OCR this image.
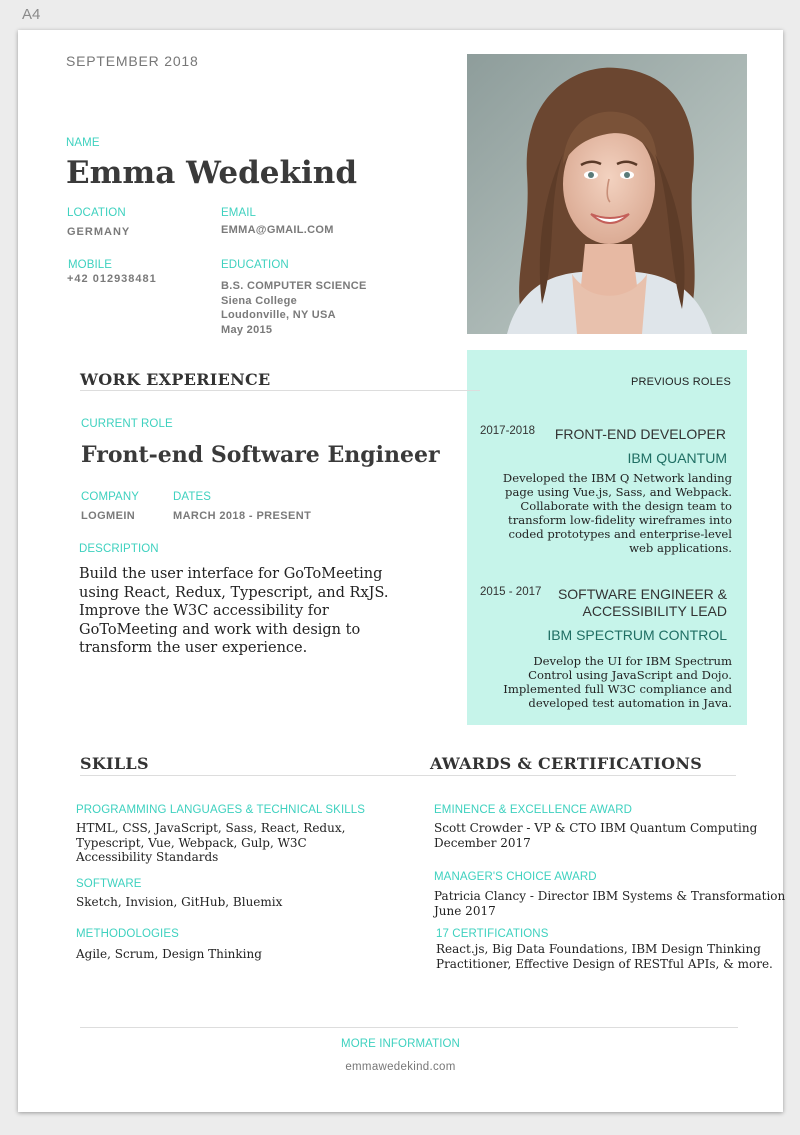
A4
SEPTEMBER 2018
NAME
Emma Wedekind
LOCATION
GERMANY
EMAIL
EMMA@GMAIL.COM
MOBILE
+42 012938481
EDUCATION
B.S. COMPUTER SCIENCE
Siena College
Loudonville, NY USA
May 2015
WORK EXPERIENCE	PREVIOUS ROLES
CURRENT ROLE
Front-end Software Engineer
COMPANY
LOGMEIN
DATES
MARCH 2018 - PRESENT
DESCRIPTION
Build the user interface for GoToMeeting
using React, Redux, Typescript, and RxJS.
Improve the W3C accessibility for
GoToMeeting and work with design to
transform the user experience.
2017-2018 FRONT-END DEVELOPER
IBM QUANTUM
Developed the IBM Q Network landing
page using Vue.js, Sass, and Webpack.
Collaborate with the design team to
transform low-fidelity wireframes into
coded prototypes and enterprise-level
web applications.
2015 - 2017 SOFTWARE ENGINEER &
ACCESSIBILITY LEAD
IBM SPECTRUM CONTROL
Develop the UI for IBM Spectrum
Control using JavaScript and Dojo.
Implemented full W3C compliance and
developed test automation in Java.
SKILLS
PROGRAMMING LANGUAGES & TECHNICAL SKILLS
HTML, CSS, JavaScript, Sass, React, Redux,
Typescript, Vue, Webpack, Gulp, W3C
Accessibility Standards
SOFTWARE
Sketch, Invision, GitHub, Bluemix
METHODOLOGIES
Agile, Scrum, Design Thinking
AWARDS & CERTIFICATIONS
EMINENCE & EXCELLENCE AWARD
Scott Crowder - VP & CTO IBM Quantum Computing
December 2017
MANAGER'S CHOICE AWARD
Patricia Clancy - Director IBM Systems & Transformation
June 2017
17 CERTIFICATIONS
React.js, Big Data Foundations, IBM Design Thinking
Practitioner, Effective Design of RESTful APIs, & more.
MORE INFORMATION
emmawedekind.com
